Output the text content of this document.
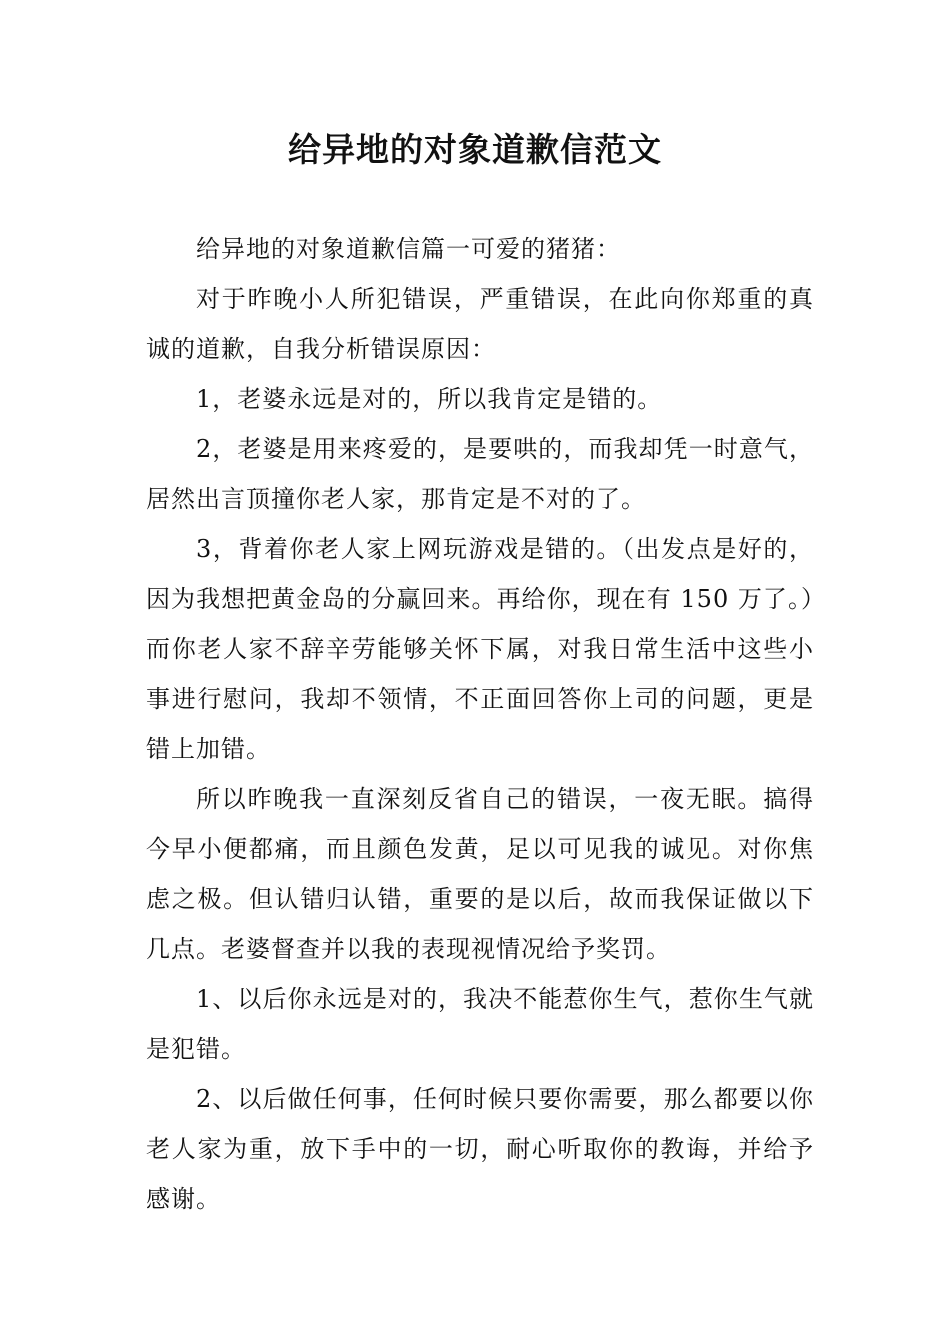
给异地的对象道歉信范文

给异地的对象道歉信篇一可爱的猪猪：

对于昨晚小人所犯错误，严重错误，在此向你郑重的真诚的道歉，自我分析错误原因：

1，老婆永远是对的，所以我肯定是错的。

2，老婆是用来疼爱的，是要哄的，而我却凭一时意气，居然出言顶撞你老人家，那肯定是不对的了。

3，背着你老人家上网玩游戏是错的。（出发点是好的，因为我想把黄金岛的分赢回来。再给你，现在有 150 万了。）而你老人家不辞辛劳能够关怀下属，对我日常生活中这些小事进行慰问，我却不领情，不正面回答你上司的问题，更是错上加错。

所以昨晚我一直深刻反省自己的错误，一夜无眠。搞得今早小便都痛，而且颜色发黄，足以可见我的诚见。对你焦虑之极。但认错归认错，重要的是以后，故而我保证做以下几点。老婆督查并以我的表现视情况给予奖罚。

1、以后你永远是对的，我决不能惹你生气，惹你生气就是犯错。

2、以后做任何事，任何时候只要你需要，那么都要以你老人家为重，放下手中的一切，耐心听取你的教诲，并给予感谢。
